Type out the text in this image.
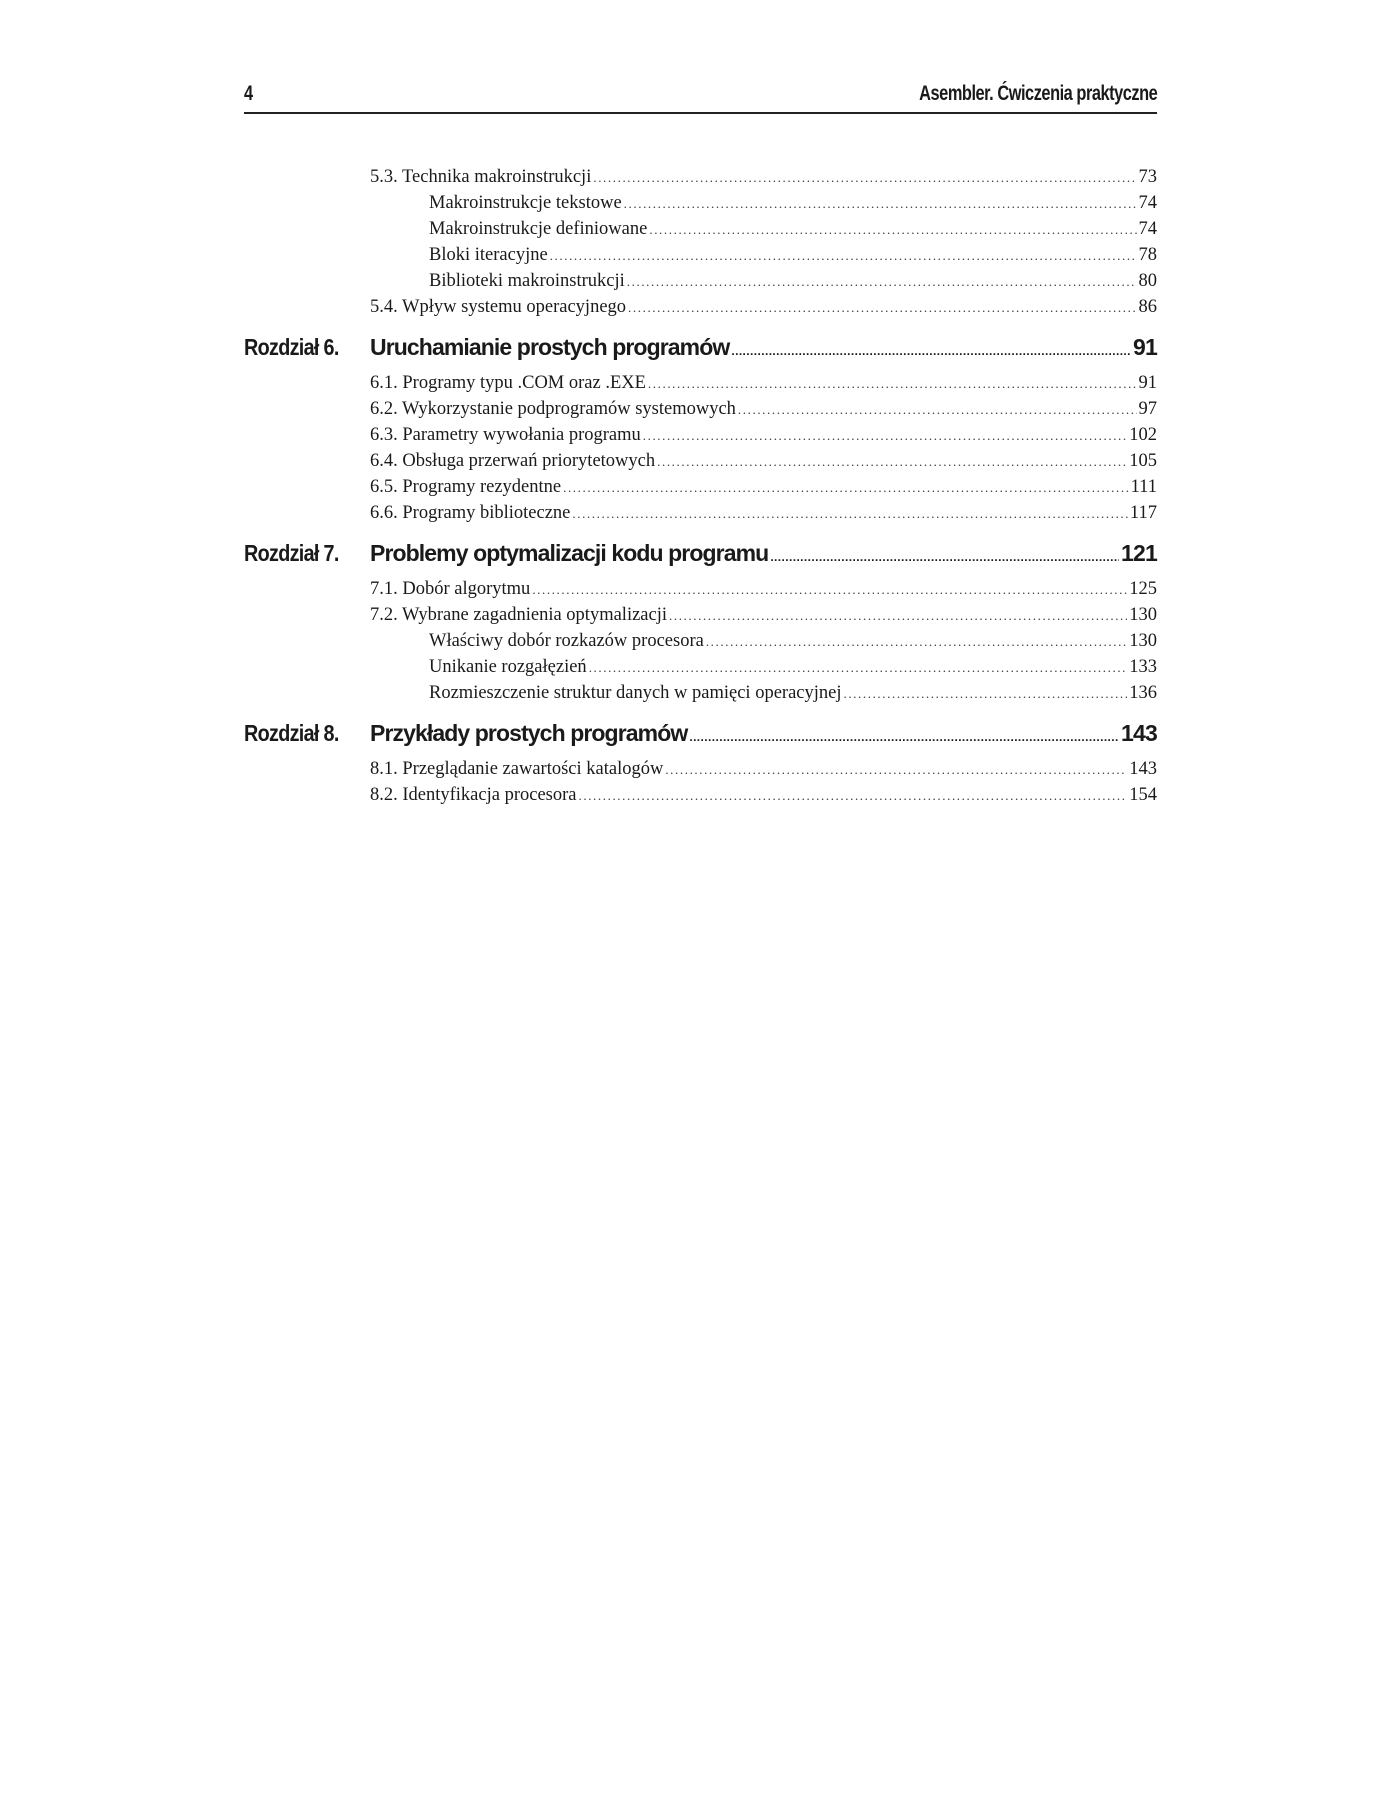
4	Asembler. Ćwiczenia praktyczne
5.3. Technika makroinstrukcji .....	73
Makroinstrukcje tekstowe .....	74
Makroinstrukcje definiowane .....	74
Bloki iteracyjne .....	78
Biblioteki makroinstrukcji .....	80
5.4. Wpływ systemu operacyjnego .....	86
Rozdział 6. Uruchamianie prostych programów .....	91
6.1. Programy typu .COM oraz .EXE .....	91
6.2. Wykorzystanie podprogramów systemowych .....	97
6.3. Parametry wywołania programu .....	102
6.4. Obsługa przerwań priorytetowych .....	105
6.5. Programy rezydentne .....	111
6.6. Programy biblioteczne .....	117
Rozdział 7. Problemy optymalizacji kodu programu .....	121
7.1. Dobór algorytmu .....	125
7.2. Wybrane zagadnienia optymalizacji .....	130
Właściwy dobór rozkazów procesora .....	130
Unikanie rozgałęzień .....	133
Rozmieszczenie struktur danych w pamięci operacyjnej .....	136
Rozdział 8. Przykłady prostych programów .....	143
8.1. Przeglądanie zawartości katalogów .....	143
8.2. Identyfikacja procesora .....	154
